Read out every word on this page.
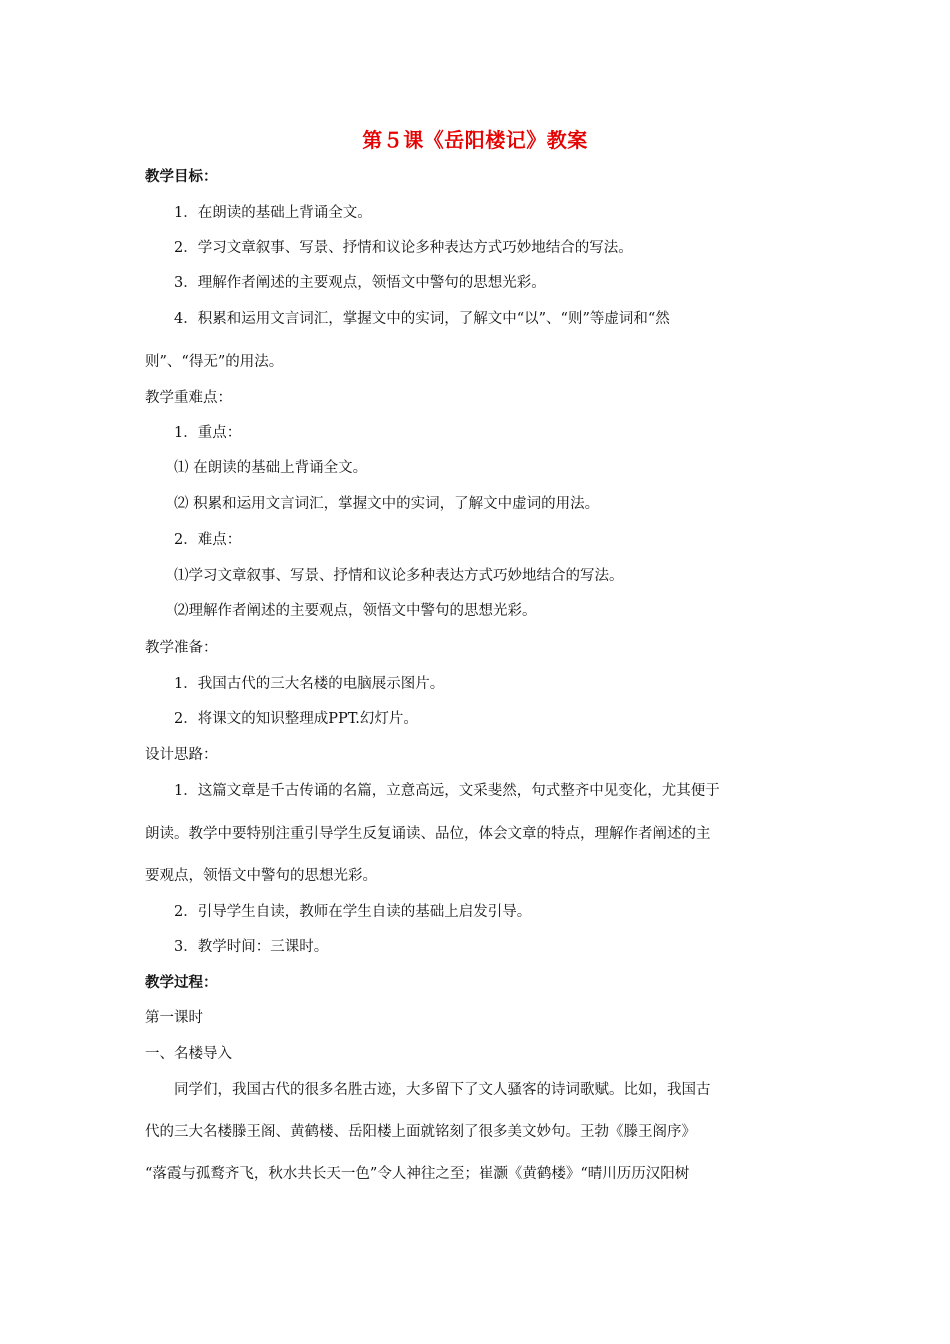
第５课《岳阳楼记》教案
教学目标：
1．在朗读的基础上背诵全文。
2．学习文章叙事、写景、抒情和议论多种表达方式巧妙地结合的写法。
3．理解作者阐述的主要观点，领悟文中警句的思想光彩。
4．积累和运用文言词汇，掌握文中的实词，了解文中“以”、“则”等虚词和“然
则”、“得无”的用法。
教学重难点：
1．重点：
⑴ 在朗读的基础上背诵全文。
⑵ 积累和运用文言词汇，掌握文中的实词，了解文中虚词的用法。
2．难点：
⑴学习文章叙事、写景、抒情和议论多种表达方式巧妙地结合的写法。
⑵理解作者阐述的主要观点，领悟文中警句的思想光彩。
教学准备：
1．我国古代的三大名楼的电脑展示图片。
2．将课文的知识整理成PPT.幻灯片。
设计思路：
1．这篇文章是千古传诵的名篇，立意高远，文采斐然，句式整齐中见变化，尤其便于
朗读。教学中要特别注重引导学生反复诵读、品位，体会文章的特点，理解作者阐述的主
要观点，领悟文中警句的思想光彩。
2．引导学生自读，教师在学生自读的基础上启发引导。
3．教学时间：三课时。
教学过程：
第一课时
一、名楼导入
同学们，我国古代的很多名胜古迹，大多留下了文人骚客的诗词歌赋。比如，我国古
代的三大名楼滕王阁、黄鹤楼、岳阳楼上面就铭刻了很多美文妙句。王勃《滕王阁序》
“落霞与孤鹜齐飞，秋水共长天一色”令人神往之至；崔灏《黄鹤楼》“晴川历历汉阳树
